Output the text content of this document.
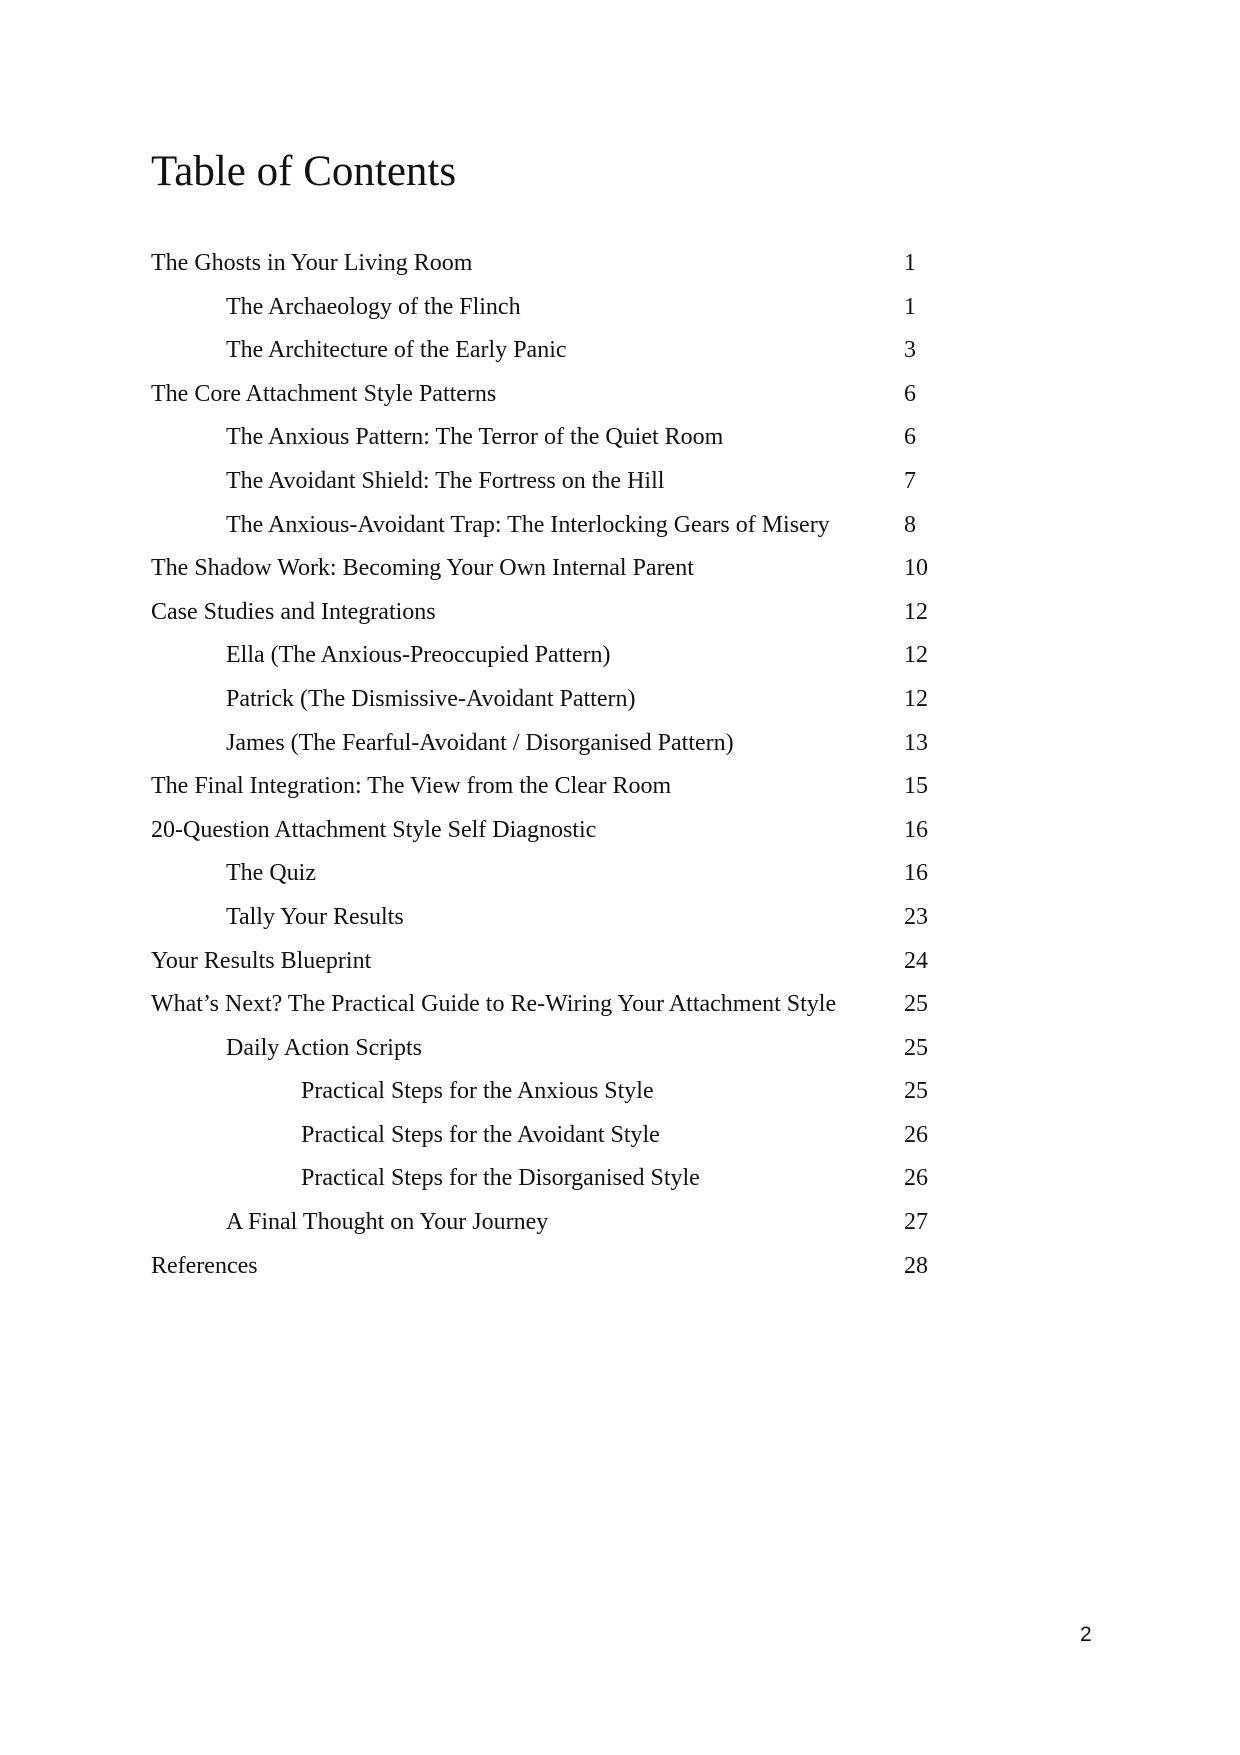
Table of Contents
The Ghosts in Your Living Room	1
The Archaeology of the Flinch	1
The Architecture of the Early Panic	3
The Core Attachment Style Patterns	6
The Anxious Pattern: The Terror of the Quiet Room	6
The Avoidant Shield: The Fortress on the Hill	7
The Anxious-Avoidant Trap: The Interlocking Gears of Misery	8
The Shadow Work: Becoming Your Own Internal Parent	10
Case Studies and Integrations	12
Ella (The Anxious-Preoccupied Pattern)	12
Patrick (The Dismissive-Avoidant Pattern)	12
James (The Fearful-Avoidant / Disorganised Pattern)	13
The Final Integration: The View from the Clear Room	15
20-Question Attachment Style Self Diagnostic	16
The Quiz	16
Tally Your Results	23
Your Results Blueprint	24
What’s Next? The Practical Guide to Re-Wiring Your Attachment Style	25
Daily Action Scripts	25
Practical Steps for the Anxious Style	25
Practical Steps for the Avoidant Style	26
Practical Steps for the Disorganised Style	26
A Final Thought on Your Journey	27
References	28
2
